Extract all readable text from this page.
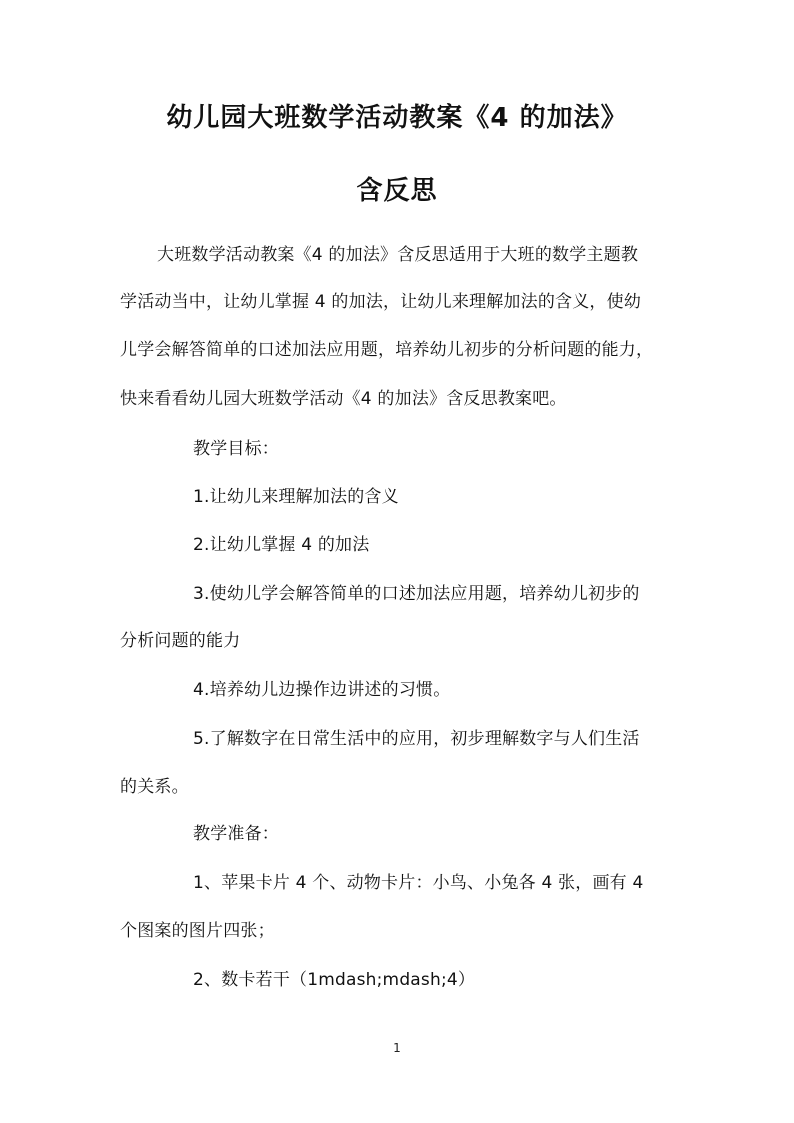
幼儿园大班数学活动教案《4 的加法》
含反思
大班数学活动教案《4 的加法》含反思适用于大班的数学主题教
学活动当中，让幼儿掌握 4 的加法，让幼儿来理解加法的含义，使幼
儿学会解答简单的口述加法应用题，培养幼儿初步的分析问题的能力，
快来看看幼儿园大班数学活动《4 的加法》含反思教案吧。
教学目标：
1.让幼儿来理解加法的含义
2.让幼儿掌握 4 的加法
3.使幼儿学会解答简单的口述加法应用题，培养幼儿初步的
分析问题的能力
4.培养幼儿边操作边讲述的习惯。
5.了解数字在日常生活中的应用，初步理解数字与人们生活
的关系。
教学准备：
1、苹果卡片 4 个、动物卡片：小鸟、小兔各 4 张，画有 4
个图案的图片四张；
2、数卡若干（1mdash;mdash;4）
1
